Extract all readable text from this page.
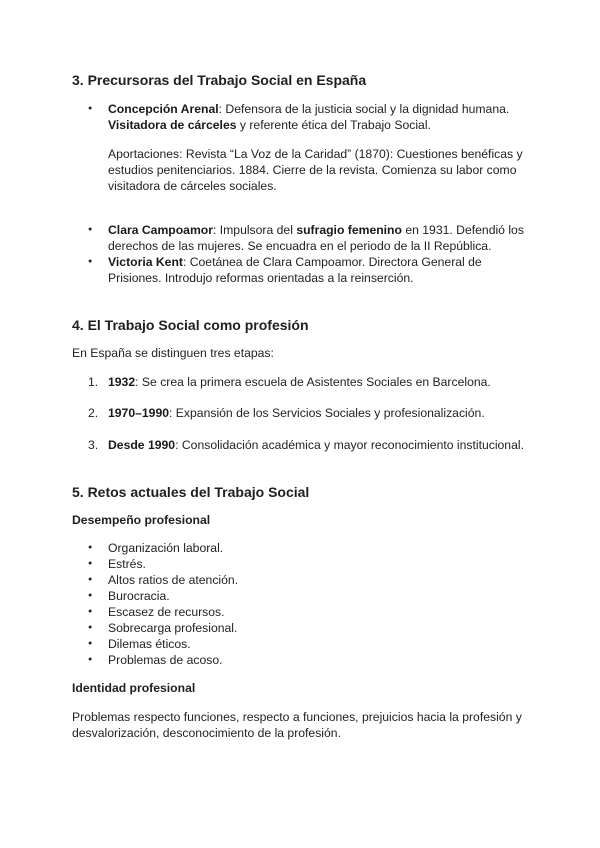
3. Precursoras del Trabajo Social en España
● Concepción Arenal: Defensora de la justicia social y la dignidad humana.
Visitadora de cárceles y referente ética del Trabajo Social.

Aportaciones: Revista “La Voz de la Caridad” (1870): Cuestiones benéficas y estudios penitenciarios. 1884. Cierre de la revista. Comienza su labor como visitadora de cárceles sociales.

● Clara Campoamor: Impulsora del sufragio femenino en 1931. Defendió los derechos de las mujeres. Se encuadra en el periodo de la II República.
● Victoria Kent: Coetánea de Clara Campoamor. Directora General de Prisiones. Introdujo reformas orientadas a la reinserción.
4. El Trabajo Social como profesión

En España se distinguen tres etapas:

1. 1932: Se crea la primera escuela de Asistentes Sociales en Barcelona.
2. 1970–1990: Expansión de los Servicios Sociales y profesionalización.
3. Desde 1990: Consolidación académica y mayor reconocimiento institucional.
5. Retos actuales del Trabajo Social
Desempeño profesional
● Organización laboral.
● Estrés.
● Altos ratios de atención.
● Burocracia.
● Escasez de recursos.
● Sobrecarga profesional.
● Dilemas éticos.
● Problemas de acoso.
Identidad profesional

Problemas respecto funciones, respecto a funciones, prejuicios hacia la profesión y desvalorización, desconocimiento de la profesión.
